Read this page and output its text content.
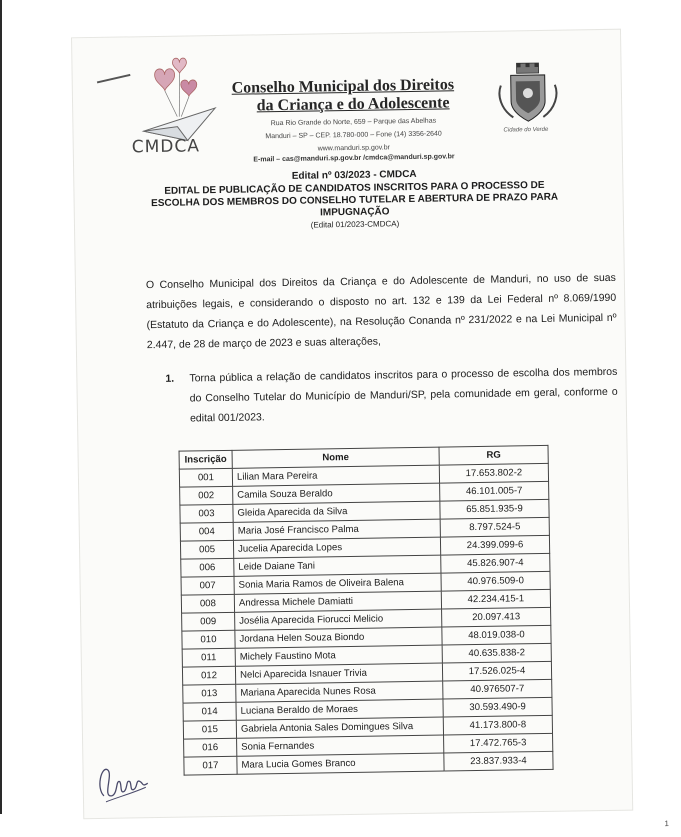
CMDCA
Conselho Municipal dos Direitos
da Criança e do Adolescente
Rua Rio Grande do Norte, 659 – Parque das Abelhas
Manduri – SP – CEP. 18.780-000 – Fone (14) 3356-2640
www.manduri.sp.gov.br
E-mail – cas@manduri.sp.gov.br /cmdca@manduri.sp.gov.br
Cidade do Verde
Edital nº 03/2023 - CMDCA
EDITAL DE PUBLICAÇÃO DE CANDIDATOS INSCRITOS PARA O PROCESSO DE ESCOLHA DOS MEMBROS DO CONSELHO TUTELAR E ABERTURA DE PRAZO PARA IMPUGNAÇÃO
(Edital 01/2023-CMDCA)
O Conselho Municipal dos Direitos da Criança e do Adolescente de Manduri, no uso de suas atribuições legais, e considerando o disposto no art. 132 e 139 da Lei Federal nº 8.069/1990 (Estatuto da Criança e do Adolescente), na Resolução Conanda nº 231/2022 e na Lei Municipal nº 2.447, de 28 de março de 2023 e suas alterações,
1.	Torna pública a relação de candidatos inscritos para o processo de escolha dos membros do Conselho Tutelar do Município de Manduri/SP, pela comunidade em geral, conforme o edital 001/2023.
Inscrição	Nome	RG
001	Lilian Mara Pereira	17.653.802-2
002	Camila Souza Beraldo	46.101.005-7
003	Gleida Aparecida da Silva	65.851.935-9
004	Maria José Francisco Palma	8.797.524-5
005	Jucelia Aparecida Lopes	24.399.099-6
006	Leide Daiane Tani	45.826.907-4
007	Sonia Maria Ramos de Oliveira Balena	40.976.509-0
008	Andressa Michele Damiatti	42.234.415-1
009	Josélia Aparecida Fiorucci Melicio	20.097.413
010	Jordana Helen Souza Biondo	48.019.038-0
011	Michely Faustino Mota	40.635.838-2
012	Nelci Aparecida Isnauer Trivia	17.526.025-4
013	Mariana Aparecida Nunes Rosa	40.976507-7
014	Luciana Beraldo de Moraes	30.593.490-9
015	Gabriela Antonia Sales Domingues Silva	41.173.800-8
016	Sonia Fernandes	17.472.765-3
017	Mara Lucia Gomes Branco	23.837.933-4
1
